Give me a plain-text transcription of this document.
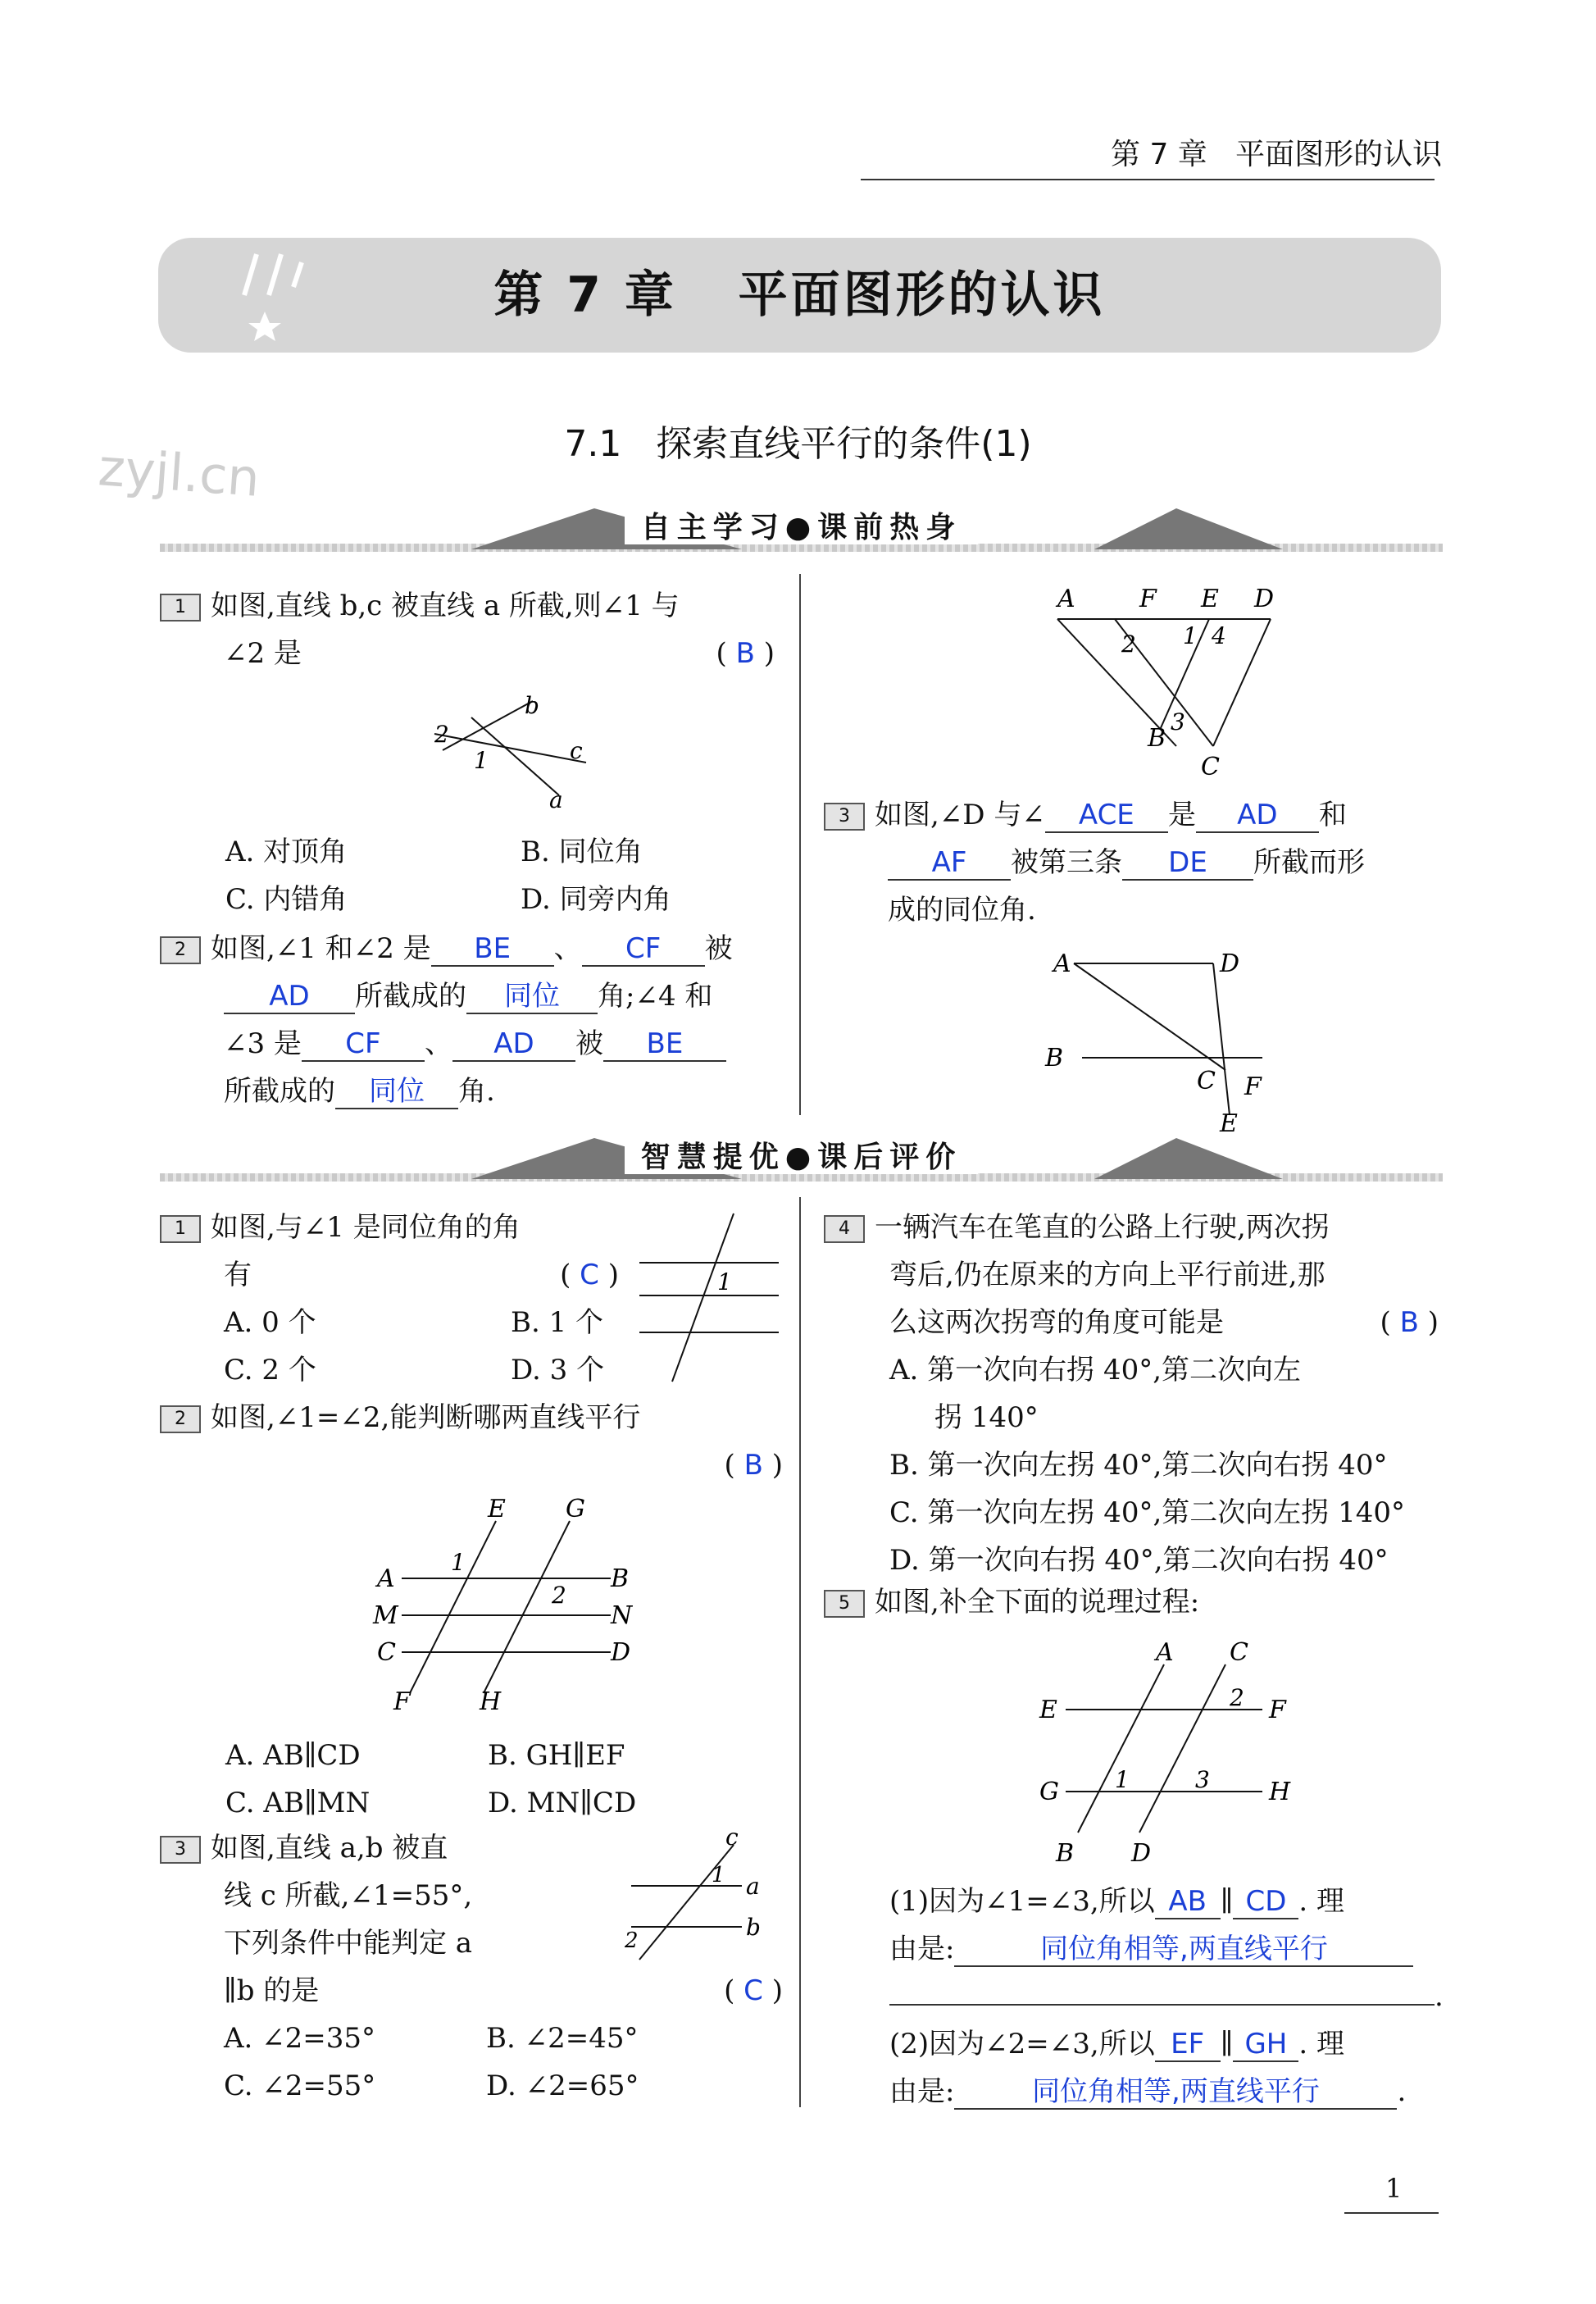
第 7 章 平面图形的认识
第 7 章   平面图形的认识
7.1   探索直线平行的条件(1)
zyjl.cn
自主学习●课前热身
1 如图,直线 b,c 被直线 a 所截,则∠1 与
∠2 是	( B )
b
c
a
2
1
A. 对顶角	B. 同位角
C. 内错角	D. 同旁内角
2 如图,∠1 和∠2 是 BE 、 CF 被
AD 所截成的 同位 角;∠4 和
∠3 是 CF 、 AD 被 BE
所截成的 同位 角.
A	F E D
B
C
2 1 4
3
3 如图,∠D 与∠ ACE 是 AD 和
AF 被第三条 DE 所截而形
成的同位角.
A	D
B
C F
E
智慧提优●课后评价
1 如图,与∠1 是同位角的角
有	( C )
A. 0 个	B. 1 个
C. 2 个	D. 3 个
1
2 如图,∠1=∠2,能判断哪两直线平行
( B )
E G
A	B
M	N
C	D
F	H
1
2
A. AB∥CD	B. GH∥EF
C. AB∥MN	D. MN∥CD
3 如图,直线 a,b 被直
线 c 所截,∠1=55°,
下列条件中能判定 a
∥b 的是	( C )
A. ∠2=35°	B. ∠2=45°
C. ∠2=55°	D. ∠2=65°
c
a
b
1
2
4 一辆汽车在笔直的公路上行驶,两次拐
弯后,仍在原来的方向上平行前进,那
么这两次拐弯的角度可能是	( B )
A. 第一次向右拐 40°,第二次向左
拐 140°
B. 第一次向左拐 40°,第二次向右拐 40°
C. 第一次向左拐 40°,第二次向左拐 140°
D. 第一次向右拐 40°,第二次向右拐 40°
5 如图,补全下面的说理过程:
A C
E	F
G	H
B D
2
1	3
(1)因为∠1=∠3,所以 AB ∥ CD . 理
由是:	同位角相等,两直线平行
.
(2)因为∠2=∠3,所以 EF ∥ GH . 理
由是:	同位角相等,两直线平行	.
1
